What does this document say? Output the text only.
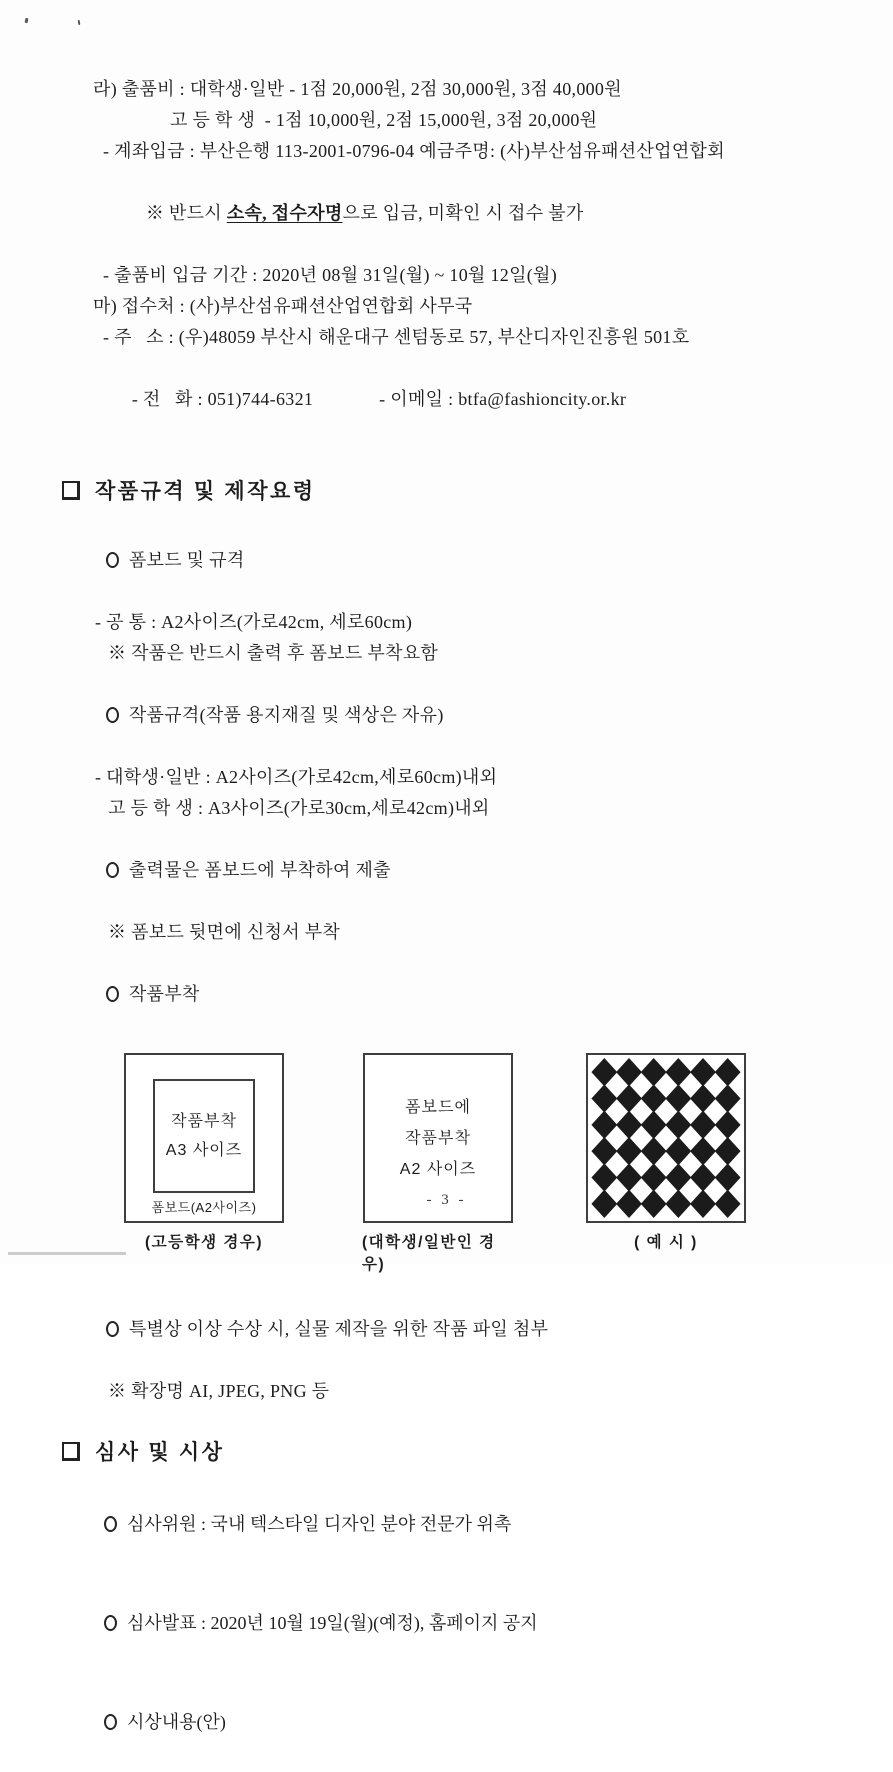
라) 출품비 : 대학생·일반 - 1점 20,000원, 2점 30,000원, 3점 40,000원
고 등 학 생  - 1점 10,000원, 2점 15,000원, 3점 20,000원
- 계좌입금 : 부산은행 113-2001-0796-04 예금주명: (사)부산섬유패션산업연합회

※ 반드시 소속, 접수자명으로 입금, 미확인 시 접수 불가

- 출품비 입금 기간 : 2020년 08월 31일(월) ~ 10월 12일(월)
마) 접수처 : (사)부산섬유패션산업연합회 사무국
- 주   소 : (우)48059 부산시 해운대구 센텀동로 57, 부산디자인진흥원 501호

- 전   화 : 051)744-6321	- 이메일 : btfa@fashioncity.or.kr

작품규격 및 제작요령

폼보드 및 규격

- 공 통 : A2사이즈(가로42cm, 세로60cm)
※ 작품은 반드시 출력 후 폼보드 부착요함

작품규격(작품 용지재질 및 색상은 자유)

- 대학생·일반 : A2사이즈(가로42cm,세로60cm)내외
고 등 학 생 : A3사이즈(가로30cm,세로42cm)내외

출력물은 폼보드에 부착하여 제출

※ 폼보드 뒷면에 신청서 부착

작품부착

작품부착
A3 사이즈
폼보드(A2사이즈)
(고등학생 경우)
폼보드에
작품부착
A2 사이즈
(대학생/일반인 경우)
( 예 시 )

특별상 이상 수상 시, 실물 제작을 위한 작품 파일 첨부

※ 확장명 AI, JPEG, PNG 등
심사 및 시상

심사위원 : 국내 텍스타일 디자인 분야 전문가 위촉

심사발표 : 2020년 10월 19일(월)(예정), 홈페이지 공지

시상내용(안)

- 3 -
